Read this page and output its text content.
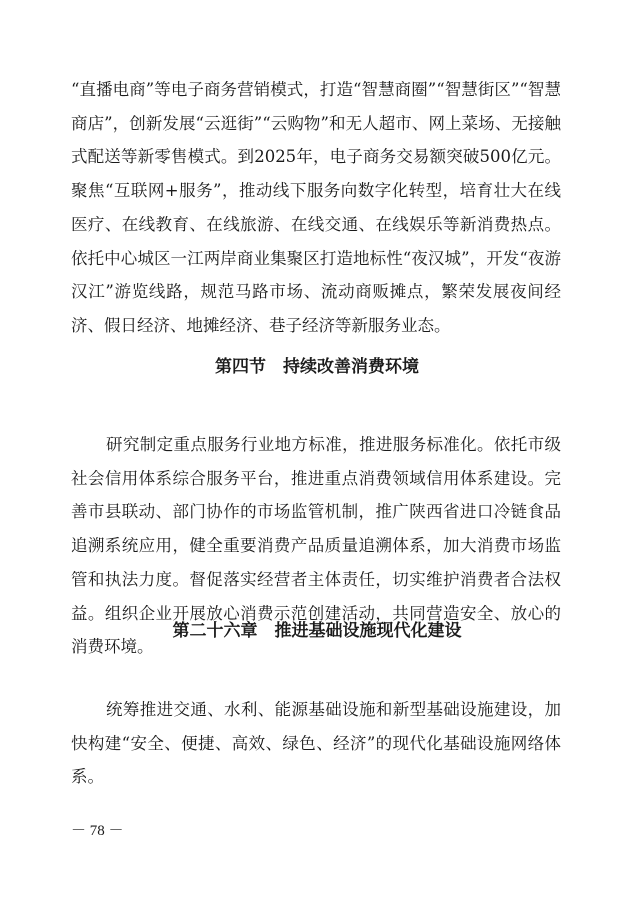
“直播电商”等电子商务营销模式，打造“智慧商圈”“智慧街区”“智慧商店”，创新发展“云逛街”“云购物”和无人超市、网上菜场、无接触式配送等新零售模式。到2025年，电子商务交易额突破500亿元。聚焦“互联网+服务”，推动线下服务向数字化转型，培育壮大在线医疗、在线教育、在线旅游、在线交通、在线娱乐等新消费热点。依托中心城区一江两岸商业集聚区打造地标性“夜汉城”，开发“夜游汉江”游览线路，规范马路市场、流动商贩摊点，繁荣发展夜间经济、假日经济、地摊经济、巷子经济等新服务业态。

第四节　持续改善消费环境

研究制定重点服务行业地方标准，推进服务标准化。依托市级社会信用体系综合服务平台，推进重点消费领域信用体系建设。完善市县联动、部门协作的市场监管机制，推广陕西省进口冷链食品追溯系统应用，健全重要消费产品质量追溯体系，加大消费市场监管和执法力度。督促落实经营者主体责任，切实维护消费者合法权益。组织企业开展放心消费示范创建活动，共同营造安全、放心的消费环境。

第二十六章　推进基础设施现代化建设

统筹推进交通、水利、能源基础设施和新型基础设施建设，加快构建“安全、便捷、高效、绿色、经济”的现代化基础设施网络体系。

－ 78 －
